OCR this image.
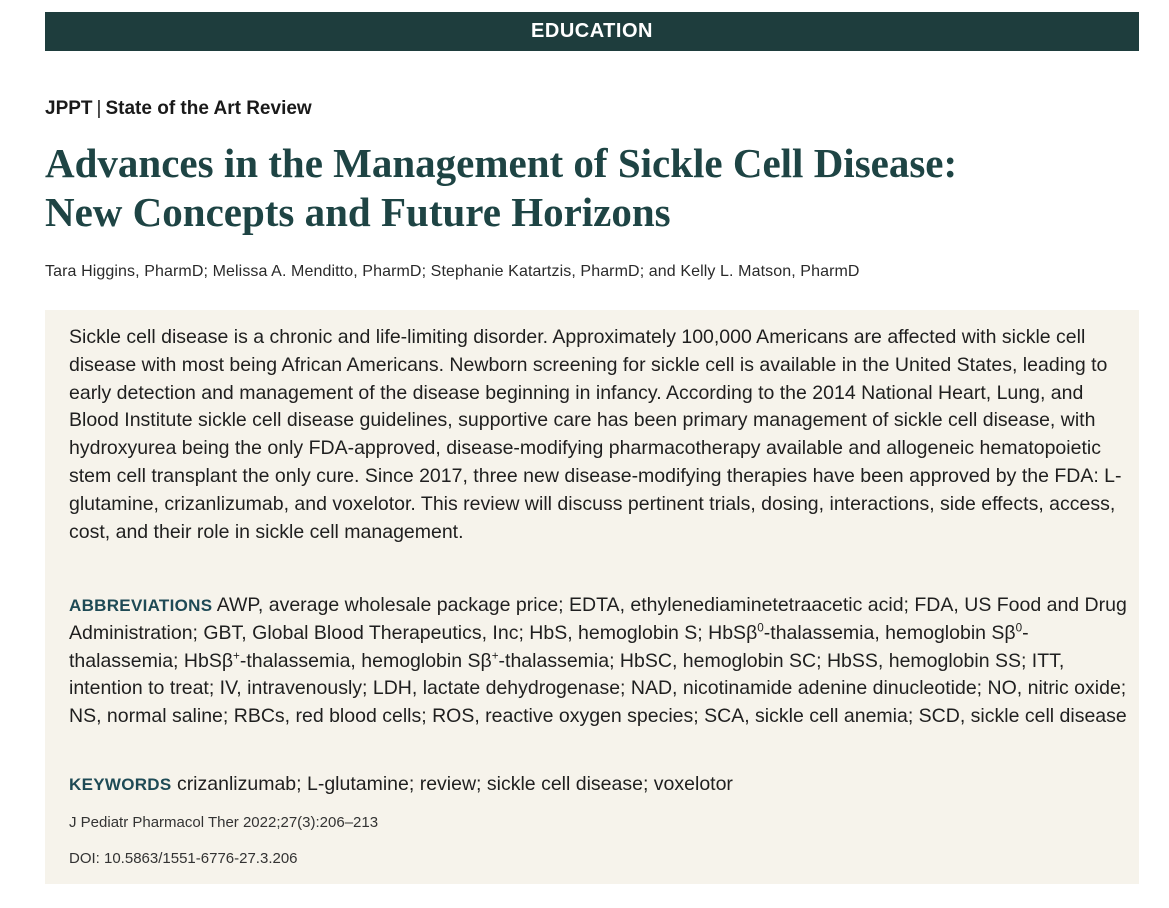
EDUCATION
JPPT | State of the Art Review
Advances in the Management of Sickle Cell Disease:
New Concepts and Future Horizons
Tara Higgins, PharmD; Melissa A. Menditto, PharmD; Stephanie Katartzis, PharmD; and Kelly L. Matson, PharmD
Sickle cell disease is a chronic and life-limiting disorder. Approximately 100,000 Americans are affected with sickle cell disease with most being African Americans. Newborn screening for sickle cell is available in the United States, leading to early detection and management of the disease beginning in infancy. According to the 2014 National Heart, Lung, and Blood Institute sickle cell disease guidelines, supportive care has been primary management of sickle cell disease, with hydroxyurea being the only FDA-approved, disease-modifying pharmacotherapy available and allogeneic hematopoietic stem cell transplant the only cure. Since 2017, three new disease-modifying therapies have been approved by the FDA: L-glutamine, crizanlizumab, and voxelotor. This review will discuss pertinent trials, dosing, interactions, side effects, access, cost, and their role in sickle cell management.
ABBREVIATIONS AWP, average wholesale package price; EDTA, ethylenediaminetetraacetic acid; FDA, US Food and Drug Administration; GBT, Global Blood Therapeutics, Inc; HbS, hemoglobin S; HbSβ$^0$-thalassemia, hemoglobin $S\beta^0$-thalassemia; HbSβ+-thalassemia, hemoglobin Sβ+-thalassemia; HbSC, hemoglobin SC; HbSS, hemoglobin SS; ITT, intention to treat; IV, intravenously; LDH, lactate dehydrogenase; NAD, nicotinamide adenine dinucleotide; NO, nitric oxide; NS, normal saline; RBCs, red blood cells; ROS, reactive oxygen species; SCA, sickle cell anemia; SCD, sickle cell disease
KEYWORDS crizanlizumab; L-glutamine; review; sickle cell disease; voxelotor
J Pediatr Pharmacol Ther 2022;27(3):206–213
DOI: 10.5863/1551-6776-27.3.206
